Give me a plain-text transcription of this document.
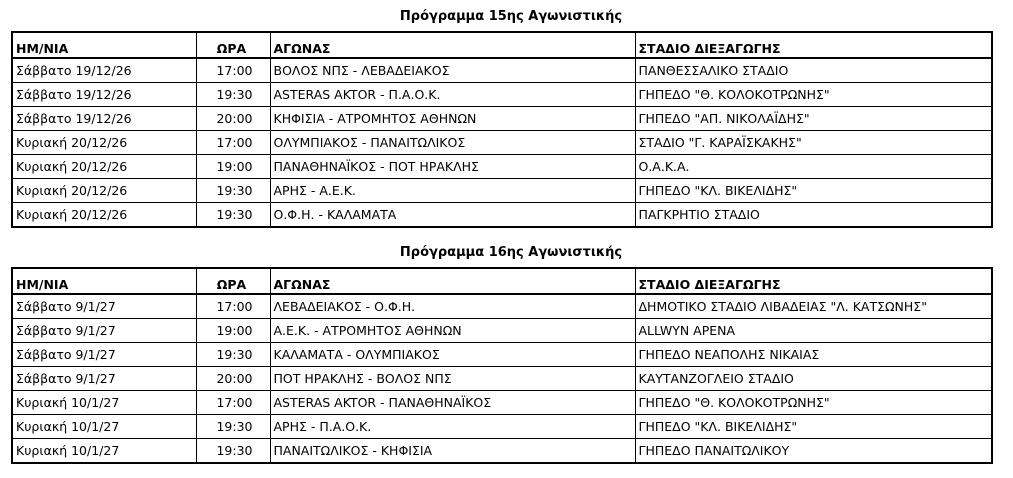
Πρόγραμμα 15ης Αγωνιστικής
ΗΜ/ΝΙΑ	ΩΡΑ	ΑΓΩΝΑΣ	ΣΤΑΔΙΟ ΔΙΕΞΑΓΩΓΗΣ
Σάββατο 19/12/26	17:00	ΒΟΛΟΣ ΝΠΣ - ΛΕΒΑΔΕΙΑΚΟΣ	ΠΑΝΘΕΣΣΑΛΙΚΟ ΣΤΑΔΙΟ
Σάββατο 19/12/26	19:30	ASTERAS AKTOR - Π.Α.Ο.Κ.	ΓΗΠΕΔΟ "Θ. ΚΟΛΟΚΟΤΡΩΝΗΣ"
Σάββατο 19/12/26	20:00	ΚΗΦΙΣΙΑ - ΑΤΡΟΜΗΤΟΣ ΑΘΗΝΩΝ	ΓΗΠΕΔΟ "ΑΠ. ΝΙΚΟΛΑΪΔΗΣ"
Κυριακή 20/12/26	17:00	ΟΛΥΜΠΙΑΚΟΣ - ΠΑΝΑΙΤΩΛΙΚΟΣ	ΣΤΑΔΙΟ "Γ. ΚΑΡΑΪΣΚΑΚΗΣ"
Κυριακή 20/12/26	19:00	ΠΑΝΑΘΗΝΑΪΚΟΣ - ΠΟΤ ΗΡΑΚΛΗΣ	Ο.Α.Κ.Α.
Κυριακή 20/12/26	19:30	ΑΡΗΣ - Α.Ε.Κ.	ΓΗΠΕΔΟ "ΚΛ. ΒΙΚΕΛΙΔΗΣ"
Κυριακή 20/12/26	19:30	Ο.Φ.Η. - ΚΑΛΑΜΑΤΑ	ΠΑΓΚΡΗΤΙΟ ΣΤΑΔΙΟ
Πρόγραμμα 16ης Αγωνιστικής
ΗΜ/ΝΙΑ	ΩΡΑ	ΑΓΩΝΑΣ	ΣΤΑΔΙΟ ΔΙΕΞΑΓΩΓΗΣ
Σάββατο 9/1/27	17:00	ΛΕΒΑΔΕΙΑΚΟΣ - Ο.Φ.Η.	ΔΗΜΟΤΙΚΟ ΣΤΑΔΙΟ ΛΙΒΑΔΕΙΑΣ "Λ. ΚΑΤΣΩΝΗΣ"
Σάββατο 9/1/27	19:00	Α.Ε.Κ. - ΑΤΡΟΜΗΤΟΣ ΑΘΗΝΩΝ	ALLWYN ΑΡΕΝΑ
Σάββατο 9/1/27	19:30	ΚΑΛΑΜΑΤΑ - ΟΛΥΜΠΙΑΚΟΣ	ΓΗΠΕΔΟ ΝΕΑΠΟΛΗΣ ΝΙΚΑΙΑΣ
Σάββατο 9/1/27	20:00	ΠΟΤ ΗΡΑΚΛΗΣ - ΒΟΛΟΣ ΝΠΣ	ΚΑΥΤΑΝΖΟΓΛΕΙΟ ΣΤΑΔΙΟ
Κυριακή 10/1/27	17:00	ASTERAS AKTOR - ΠΑΝΑΘΗΝΑΪΚΟΣ	ΓΗΠΕΔΟ "Θ. ΚΟΛΟΚΟΤΡΩΝΗΣ"
Κυριακή 10/1/27	19:30	ΑΡΗΣ - Π.Α.Ο.Κ.	ΓΗΠΕΔΟ "ΚΛ. ΒΙΚΕΛΙΔΗΣ"
Κυριακή 10/1/27	19:30	ΠΑΝΑΙΤΩΛΙΚΟΣ - ΚΗΦΙΣΙΑ	ΓΗΠΕΔΟ ΠΑΝΑΙΤΩΛΙΚΟΥ
